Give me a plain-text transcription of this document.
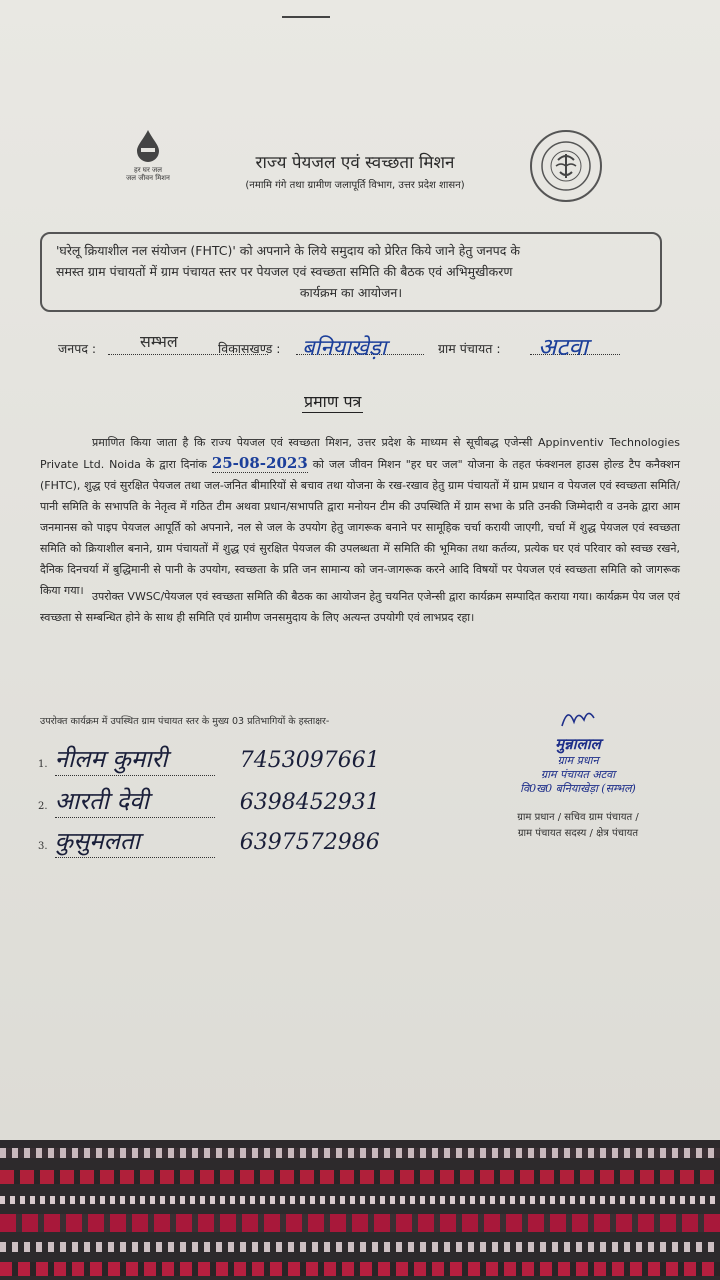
हर घर जल
जल जीवन मिशन
राज्य पेयजल एवं स्वच्छता मिशन
(नमामि गंगे तथा ग्रामीण जलापूर्ति विभाग, उत्तर प्रदेश शासन)
'घरेलू क्रियाशील नल संयोजन (FHTC)' को अपनाने के लिये समुदाय को प्रेरित किये जाने हेतु जनपद के
समस्त ग्राम पंचायतों में ग्राम पंचायत स्तर पर पेयजल एवं स्वच्छता समिति की बैठक एवं अभिमुखीकरण
कार्यक्रम का आयोजन।
जनपद :	सम्भल	विकासखण्ड : बनियाखेड़ा	ग्राम पंचायत : अटवा
प्रमाण पत्र
प्रमाणित किया जाता है कि राज्य पेयजल एवं स्वच्छता मिशन, उत्तर प्रदेश के माध्यम से सूचीबद्ध एजेन्सी Appinventiv Technologies Private Ltd. Noida के द्वारा दिनांक 25-08-2023 को जल जीवन मिशन "हर घर जल" योजना के तहत फंक्शनल हाउस होल्ड टैप कनैक्शन (FHTC), शुद्ध एवं सुरक्षित पेयजल तथा जल-जनित बीमारियों से बचाव तथा योजना के रख-रखाव हेतु ग्राम पंचायतों में ग्राम प्रधान व पेयजल एवं स्वच्छता समिति/पानी समिति के सभापति के नेतृत्व में गठित टीम अथवा प्रधान/सभापति द्वारा मनोयन टीम की उपस्थिति में ग्राम सभा के प्रति उनकी जिम्मेदारी व उनके द्वारा आम जनमानस को पाइप पेयजल आपूर्ति को अपनाने, नल से जल के उपयोग हेतु जागरूक बनाने पर सामूहिक चर्चा करायी जाएगी, चर्चा में शुद्ध पेयजल एवं स्वच्छता समिति को क्रियाशील बनाने, ग्राम पंचायतों में शुद्ध एवं सुरक्षित पेयजल की उपलब्धता में समिति की भूमिका तथा कर्तव्य, प्रत्येक घर एवं परिवार को स्वच्छ रखने, दैनिक दिनचर्या में बुद्धिमानी से पानी के उपयोग, स्वच्छता के प्रति जन सामान्य को जन-जागरूक करने आदि विषयों पर पेयजल एवं स्वच्छता समिति को जागरूक किया गया। उपरोक्त VWSC/पेयजल एवं स्वच्छता समिति की बैठक का आयोजन हेतु चयनित एजेन्सी द्वारा कार्यक्रम सम्पादित कराया गया। कार्यक्रम पेय जल एवं स्वच्छता से सम्बन्धित होने के साथ ही समिति एवं ग्रामीण जनसमुदाय के लिए अत्यन्त उपयोगी एवं लाभप्रद रहा।
उपरोक्त कार्यक्रम में उपस्थित ग्राम पंचायत स्तर के मुख्य 03 प्रतिभागियों के हस्ताक्षर-
1. नीलम कुमारी	7453097661
2. आरती देवी	6398452931
3. कुसुमलता	6397572986
मुन्नालाल
ग्राम प्रधान
ग्राम पंचायत अटवा
वि0ख0 बनियाखेड़ा (सम्भल)
ग्राम प्रधान / सचिव ग्राम पंचायत /
ग्राम पंचायत सदस्य / क्षेत्र पंचायत
